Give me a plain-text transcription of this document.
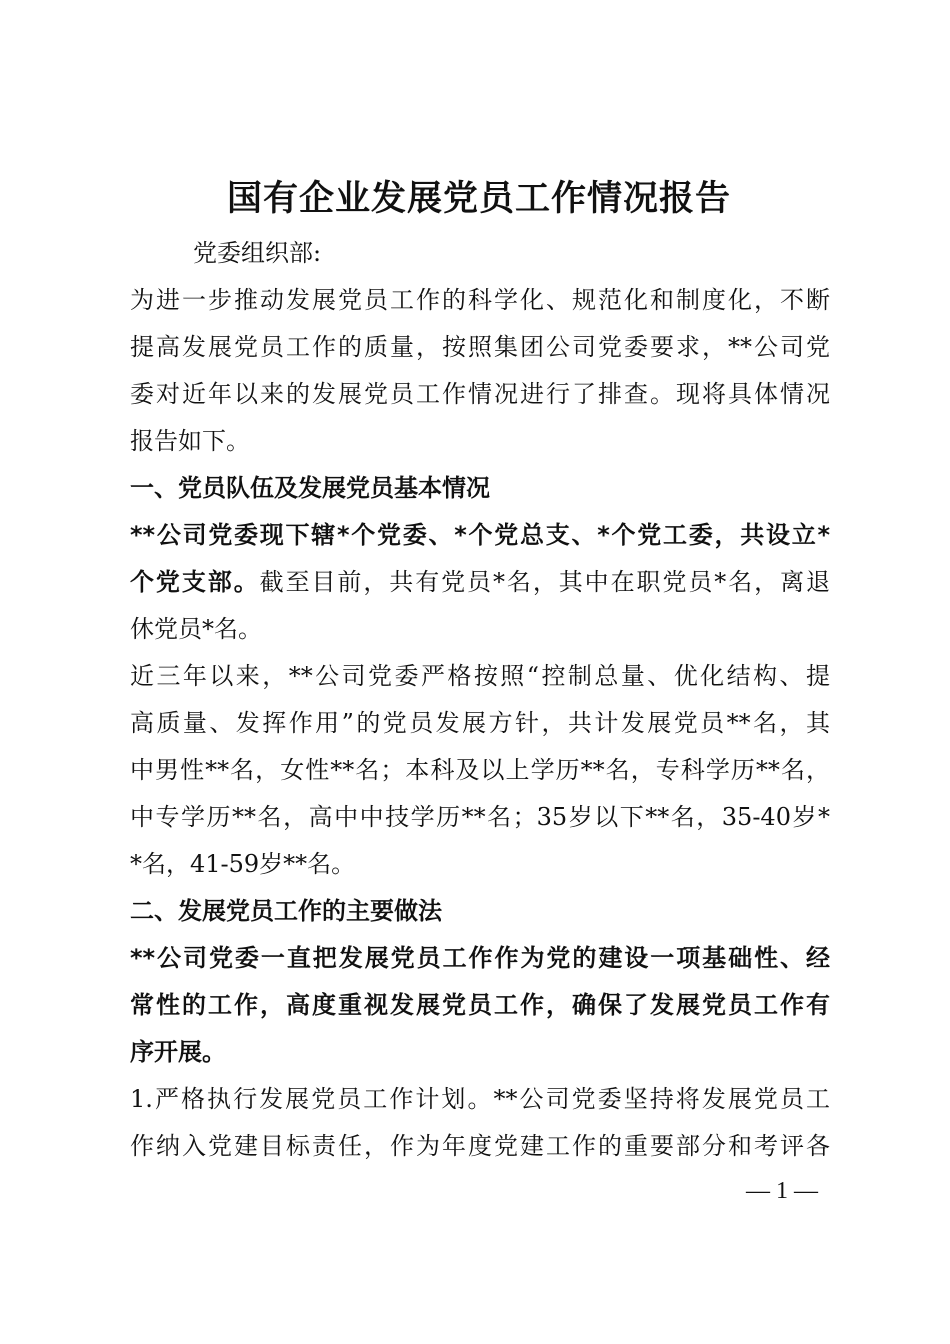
国有企业发展党员工作情况报告

党委组织部:

为进一步推动发展党员工作的科学化、规范化和制度化，不断

提高发展党员工作的质量，按照集团公司党委要求，**公司党

委对近年以来的发展党员工作情况进行了排查。现将具体情况

报告如下。

一、党员队伍及发展党员基本情况

**公司党委现下辖*个党委、*个党总支、*个党工委，共设立*

个党支部。截至目前，共有党员*名，其中在职党员*名，离退

休党员*名。

近三年以来，**公司党委严格按照“控制总量、优化结构、提

高质量、发挥作用”的党员发展方针，共计发展党员**名，其

中男性**名，女性**名；本科及以上学历**名，专科学历**名，

中专学历**名，高中中技学历**名；35岁以下**名，35-40岁*

*名，41-59岁**名。

二、发展党员工作的主要做法

**公司党委一直把发展党员工作作为党的建设一项基础性、经

常性的工作，高度重视发展党员工作，确保了发展党员工作有

序开展。

1.严格执行发展党员工作计划。**公司党委坚持将发展党员工

作纳入党建目标责任，作为年度党建工作的重要部分和考评各

— 1 —
